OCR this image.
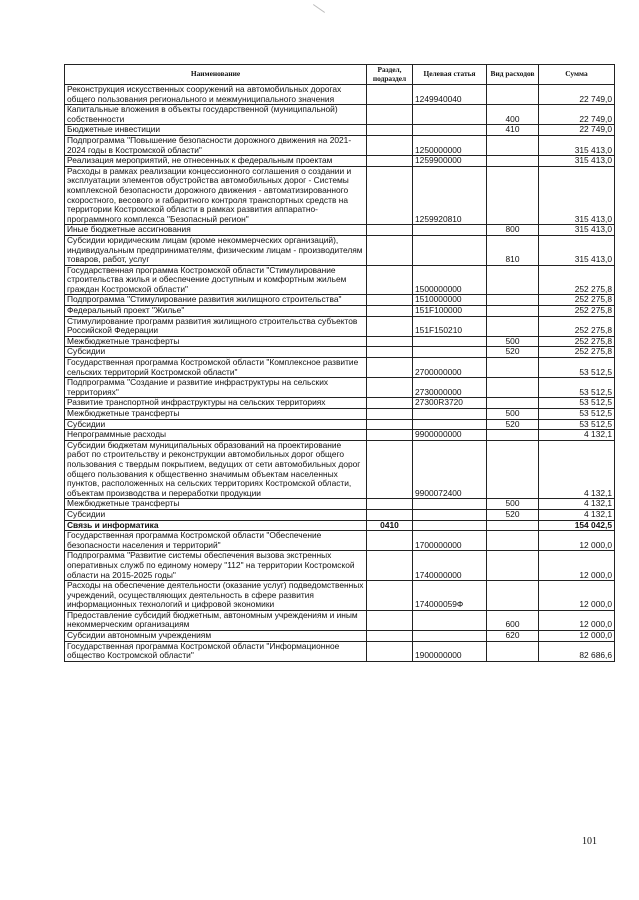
Наименование	Раздел, подраздел	Целевая статья	Вид расходов	Сумма
Реконструкция искусственных сооружений на автомобильных дорогах общего пользования регионального и межмуниципального значения		1249940040		22 749,0
Капитальные вложения в объекты государственной (муниципальной) собственности			400	22 749,0
Бюджетные инвестиции			410	22 749,0
Подпрограмма "Повышение безопасности дорожного движения на 2021-2024 годы в Костромской области"		1250000000		315 413,0
Реализация мероприятий, не отнесенных к федеральным проектам		1259900000		315 413,0
Расходы в рамках реализации концессионного соглашения о создании и эксплуатации элементов обустройства автомобильных дорог - Системы комплексной безопасности дорожного движения - автоматизированного скоростного, весового и габаритного контроля транспортных средств на территории Костромской области в рамках развития аппаратно-программного комплекса "Безопасный регион"		1259920810		315 413,0
Иные бюджетные ассигнования			800	315 413,0
Субсидии юридическим лицам (кроме некоммерческих организаций), индивидуальным предпринимателям, физическим лицам - производителям товаров, работ, услуг			810	315 413,0
Государственная программа Костромской области "Стимулирование строительства жилья и обеспечение доступным и комфортным жильем граждан Костромской области"		1500000000		252 275,8
Подпрограмма "Стимулирование развития жилищного строительства"		1510000000		252 275,8
Федеральный проект "Жилье"		151F100000		252 275,8
Стимулирование программ развития жилищного строительства субъектов Российской Федерации		151F150210		252 275,8
Межбюджетные трансферты			500	252 275,8
Субсидии			520	252 275,8
Государственная программа Костромской области "Комплексное развитие сельских территорий Костромской области"		2700000000		53 512,5
Подпрограмма "Создание и развитие инфраструктуры на сельских территориях"		2730000000		53 512,5
Развитие транспортной инфраструктуры на сельских территориях		27300R3720		53 512,5
Межбюджетные трансферты			500	53 512,5
Субсидии			520	53 512,5
Непрограммные расходы		9900000000		4 132,1
Субсидии бюджетам муниципальных образований на проектирование работ по строительству и реконструкции автомобильных дорог общего пользования с твердым покрытием, ведущих от сети автомобильных дорог общего пользования к общественно значимым объектам населенных пунктов, расположенных на сельских территориях Костромской области, объектам производства и переработки продукции		9900072400		4 132,1
Межбюджетные трансферты			500	4 132,1
Субсидии			520	4 132,1
Связь и информатика	0410			154 042,5
Государственная программа Костромской области "Обеспечение безопасности населения и территорий"		1700000000		12 000,0
Подпрограмма "Развитие системы обеспечения вызова экстренных оперативных служб по единому номеру "112" на территории Костромской области на 2015-2025 годы"		1740000000		12 000,0
Расходы на обеспечение деятельности (оказание услуг) подведомственных учреждений, осуществляющих деятельность в сфере развития информационных технологий и цифровой экономики		174000059Ф		12 000,0
Предоставление субсидий бюджетным, автономным учреждениям и иным некоммерческим организациям			600	12 000,0
Субсидии автономным учреждениям			620	12 000,0
Государственная программа Костромской области "Информационное общество Костромской области"		1900000000		82 686,6
101
